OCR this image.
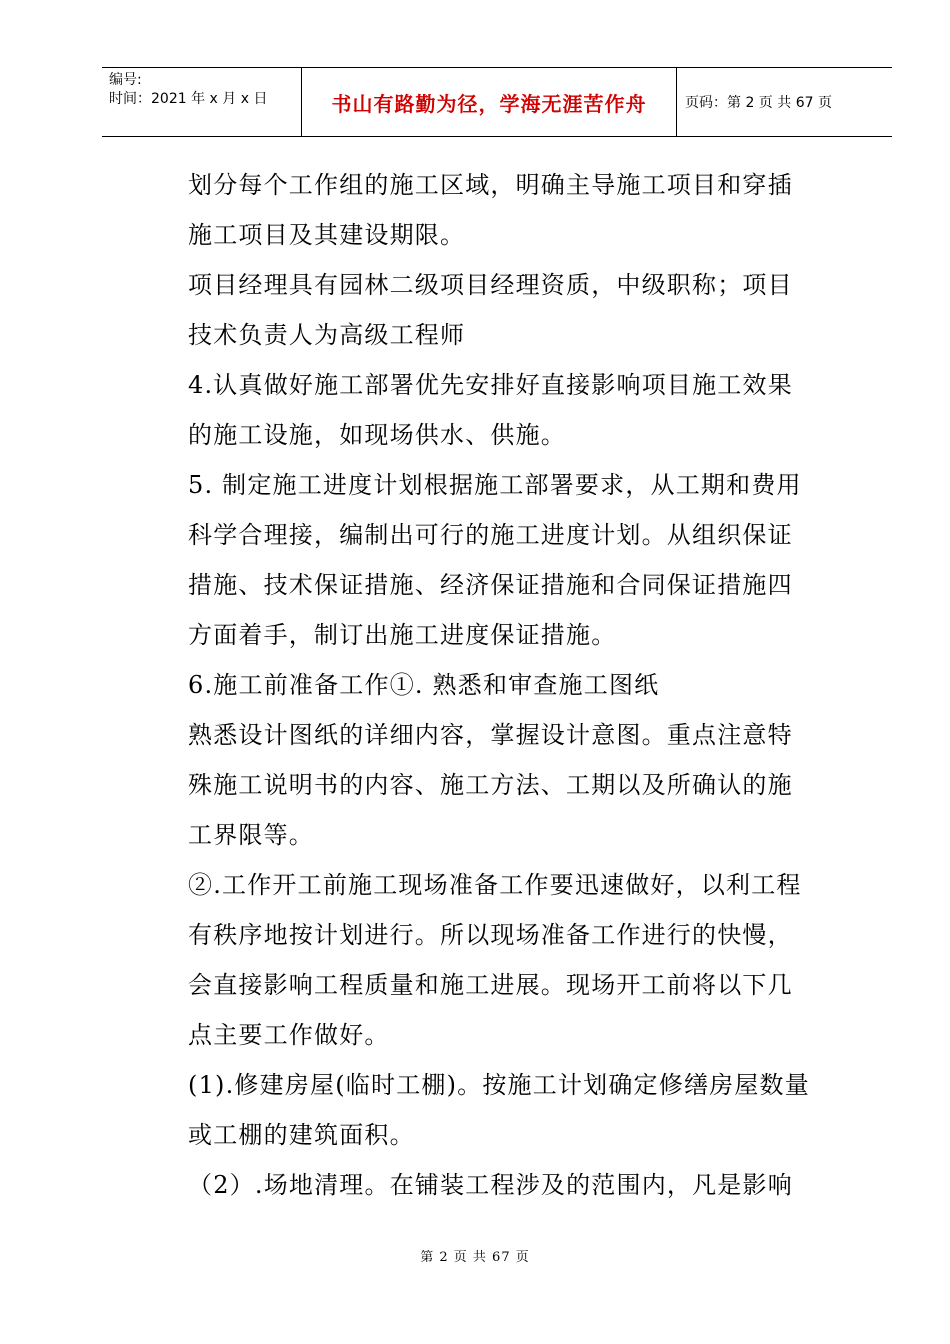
编号:
时间：2021 年 x 月 x 日	书山有路勤为径，学海无涯苦作舟	页码：第 2 页 共 67 页
划分每个工作组的施工区域，明确主导施工项目和穿插
施工项目及其建设期限。
项目经理具有园林二级项目经理资质，中级职称；项目
技术负责人为高级工程师
4.认真做好施工部署优先安排好直接影响项目施工效果
的施工设施，如现场供水、供施。
5. 制定施工进度计划根据施工部署要求，从工期和费用
科学合理接，编制出可行的施工进度计划。从组织保证
措施、技术保证措施、经济保证措施和合同保证措施四
方面着手，制订出施工进度保证措施。
6.施工前准备工作①. 熟悉和审查施工图纸
熟悉设计图纸的详细内容，掌握设计意图。重点注意特
殊施工说明书的内容、施工方法、工期以及所确认的施
工界限等。
②.工作开工前施工现场准备工作要迅速做好，以利工程
有秩序地按计划进行。所以现场准备工作进行的快慢，
会直接影响工程质量和施工进展。现场开工前将以下几
点主要工作做好。
(1).修建房屋(临时工棚)。按施工计划确定修缮房屋数量
或工棚的建筑面积。
（2）.场地清理。在铺装工程涉及的范围内，凡是影响
第 2 页 共 67 页
